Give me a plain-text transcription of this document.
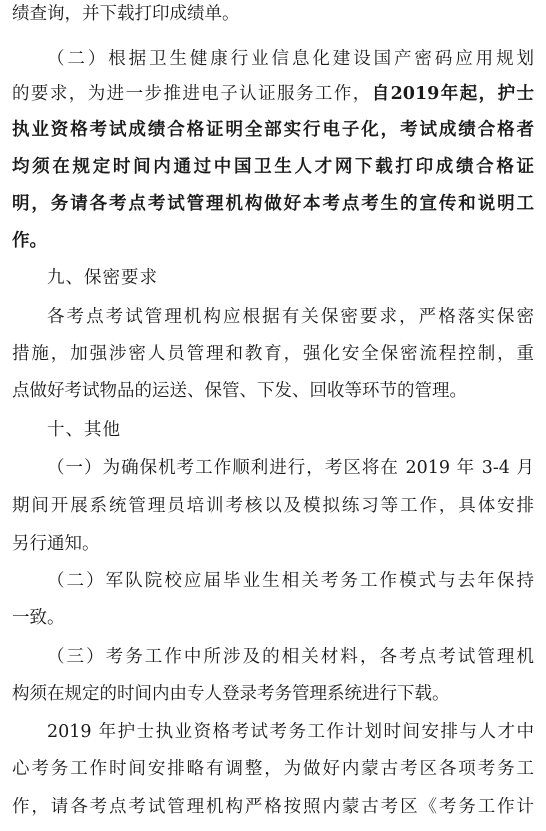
绩查询，并下载打印成绩单。
（二）根据卫生健康行业信息化建设国产密码应用规划
的要求，为进一步推进电子认证服务工作，自2019年起，护士
执业资格考试成绩合格证明全部实行电子化，考试成绩合格者
均须在规定时间内通过中国卫生人才网下载打印成绩合格证
明，务请各考点考试管理机构做好本考点考生的宣传和说明工
作。
九、保密要求
各考点考试管理机构应根据有关保密要求，严格落实保密
措施，加强涉密人员管理和教育，强化安全保密流程控制，重
点做好考试物品的运送、保管、下发、回收等环节的管理。
十、其他
（一）为确保机考工作顺利进行，考区将在 2019 年 3-4 月
期间开展系统管理员培训考核以及模拟练习等工作，具体安排
另行通知。
（二）军队院校应届毕业生相关考务工作模式与去年保持
一致。
（三）考务工作中所涉及的相关材料，各考点考试管理机
构须在规定的时间内由专人登录考务管理系统进行下载。
2019 年护士执业资格考试考务工作计划时间安排与人才中
心考务工作时间安排略有调整，为做好内蒙古考区各项考务工
作，请各考点考试管理机构严格按照内蒙古考区《考务工作计
